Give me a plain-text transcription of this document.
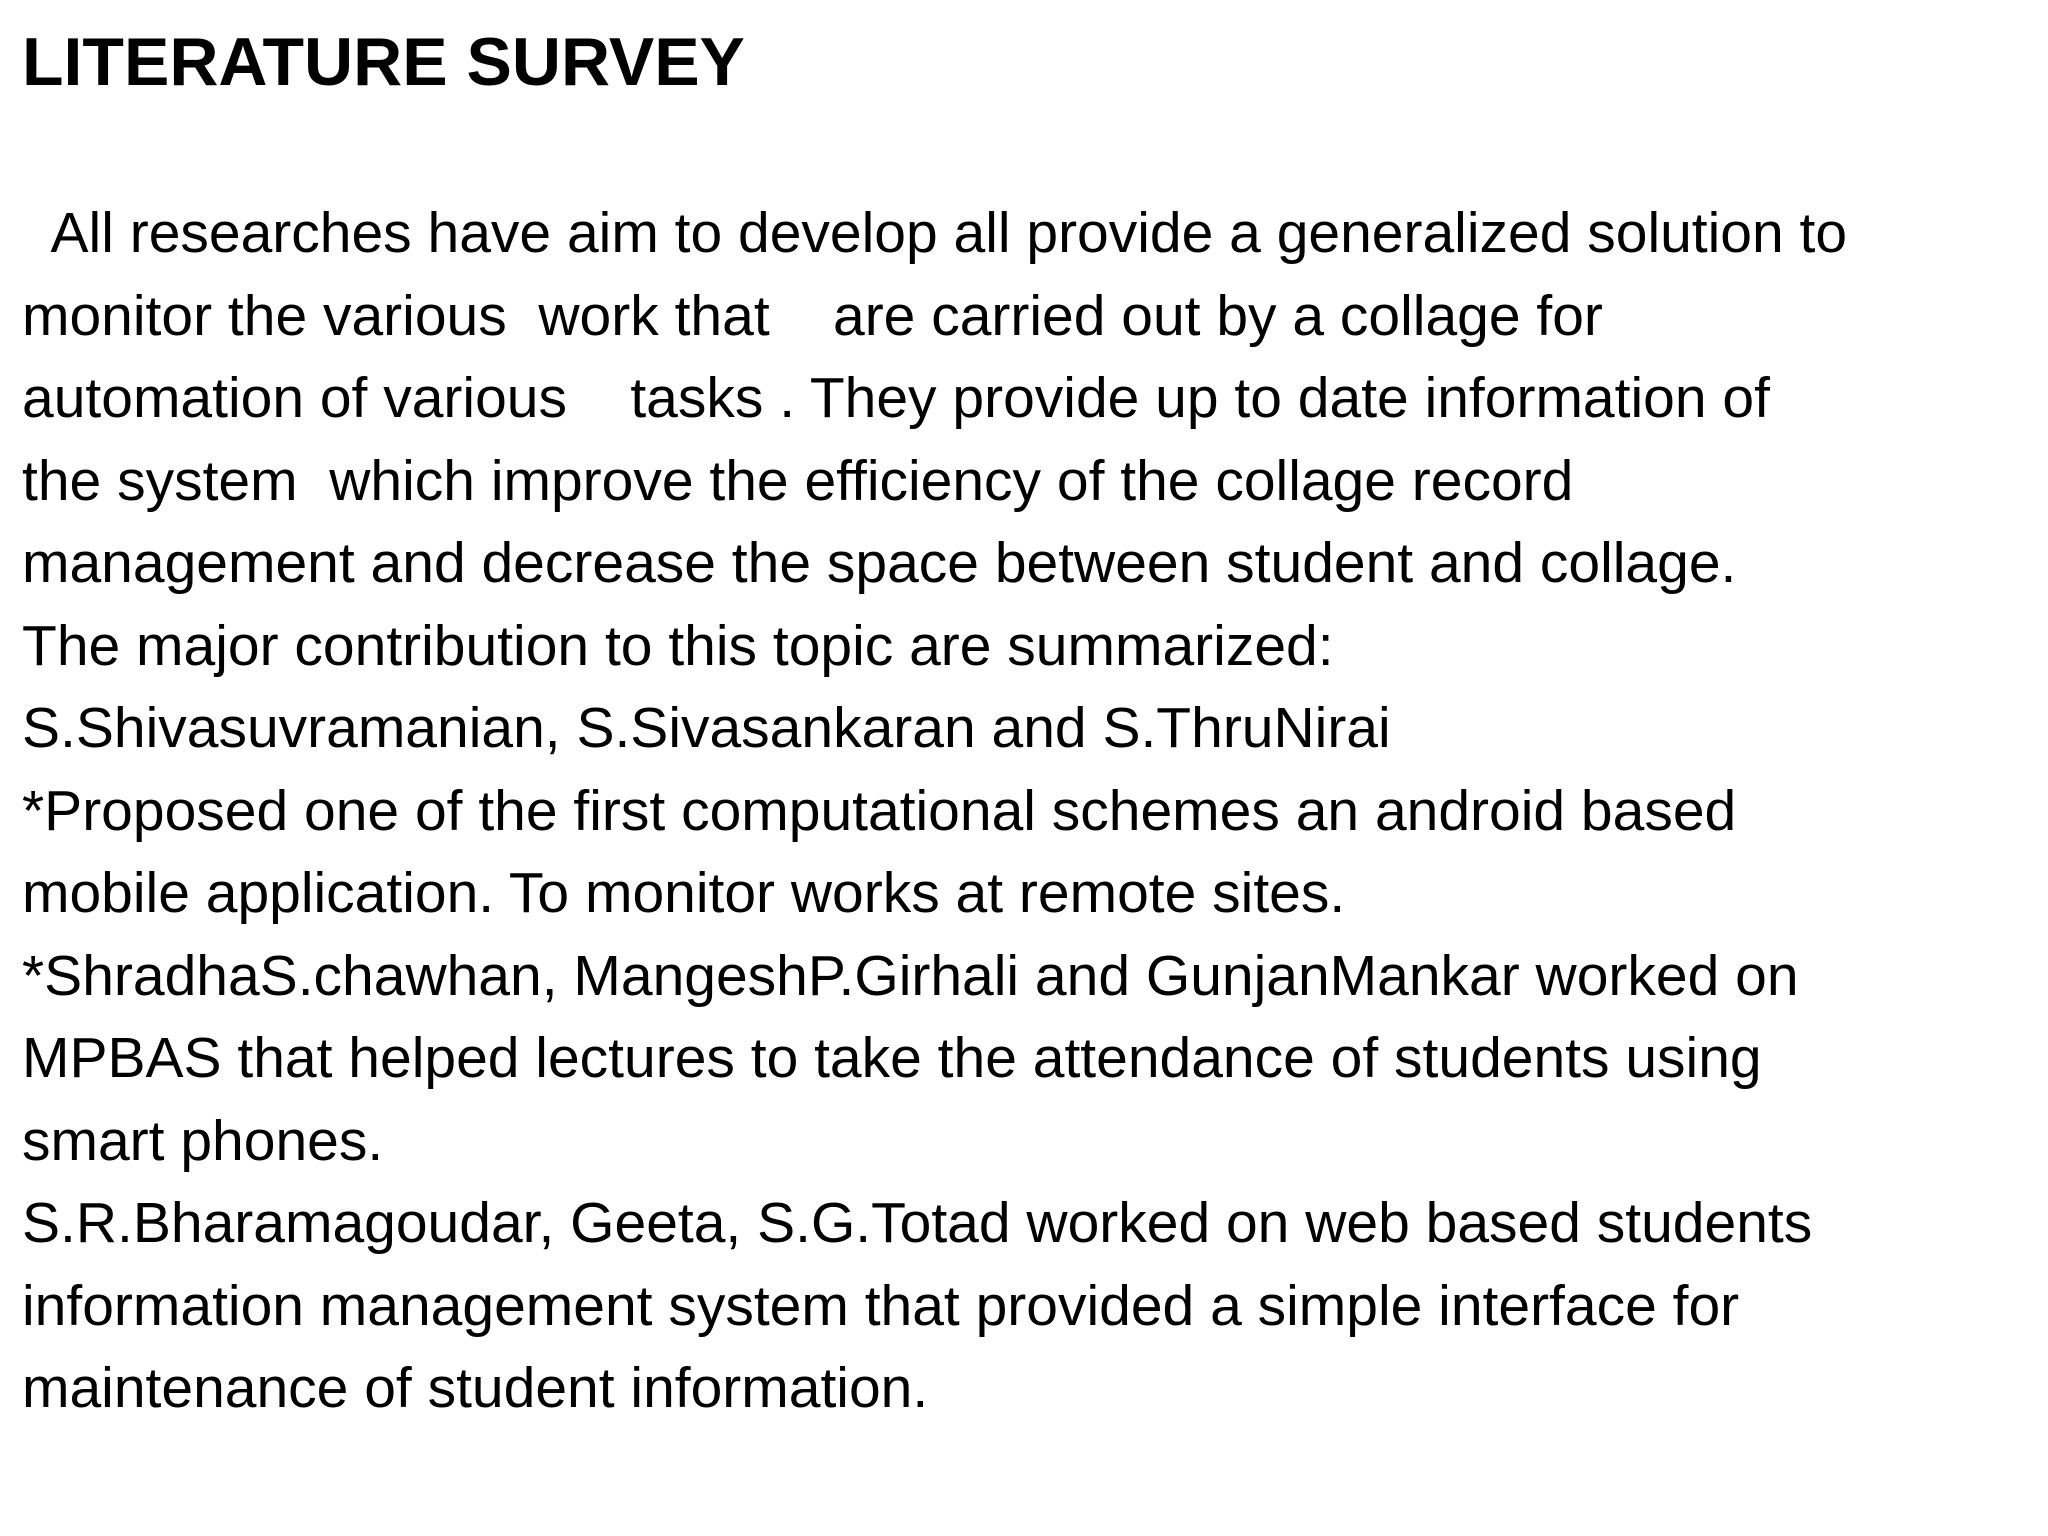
LITERATURE SURVEY
All researches have aim to develop all provide a generalized solution to
monitor the various  work that    are carried out by a collage for
automation of various    tasks . They provide up to date information of
the system  which improve the efficiency of the collage record
management and decrease the space between student and collage.
The major contribution to this topic are summarized:
S.Shivasuvramanian, S.Sivasankaran and S.ThruNirai
*Proposed one of the first computational schemes an android based
mobile application. To monitor works at remote sites.
*ShradhaS.chawhan, MangeshP.Girhali and GunjanMankar worked on
MPBAS that helped lectures to take the attendance of students using
smart phones.
S.R.Bharamagoudar, Geeta, S.G.Totad worked on web based students
information management system that provided a simple interface for
maintenance of student information.
